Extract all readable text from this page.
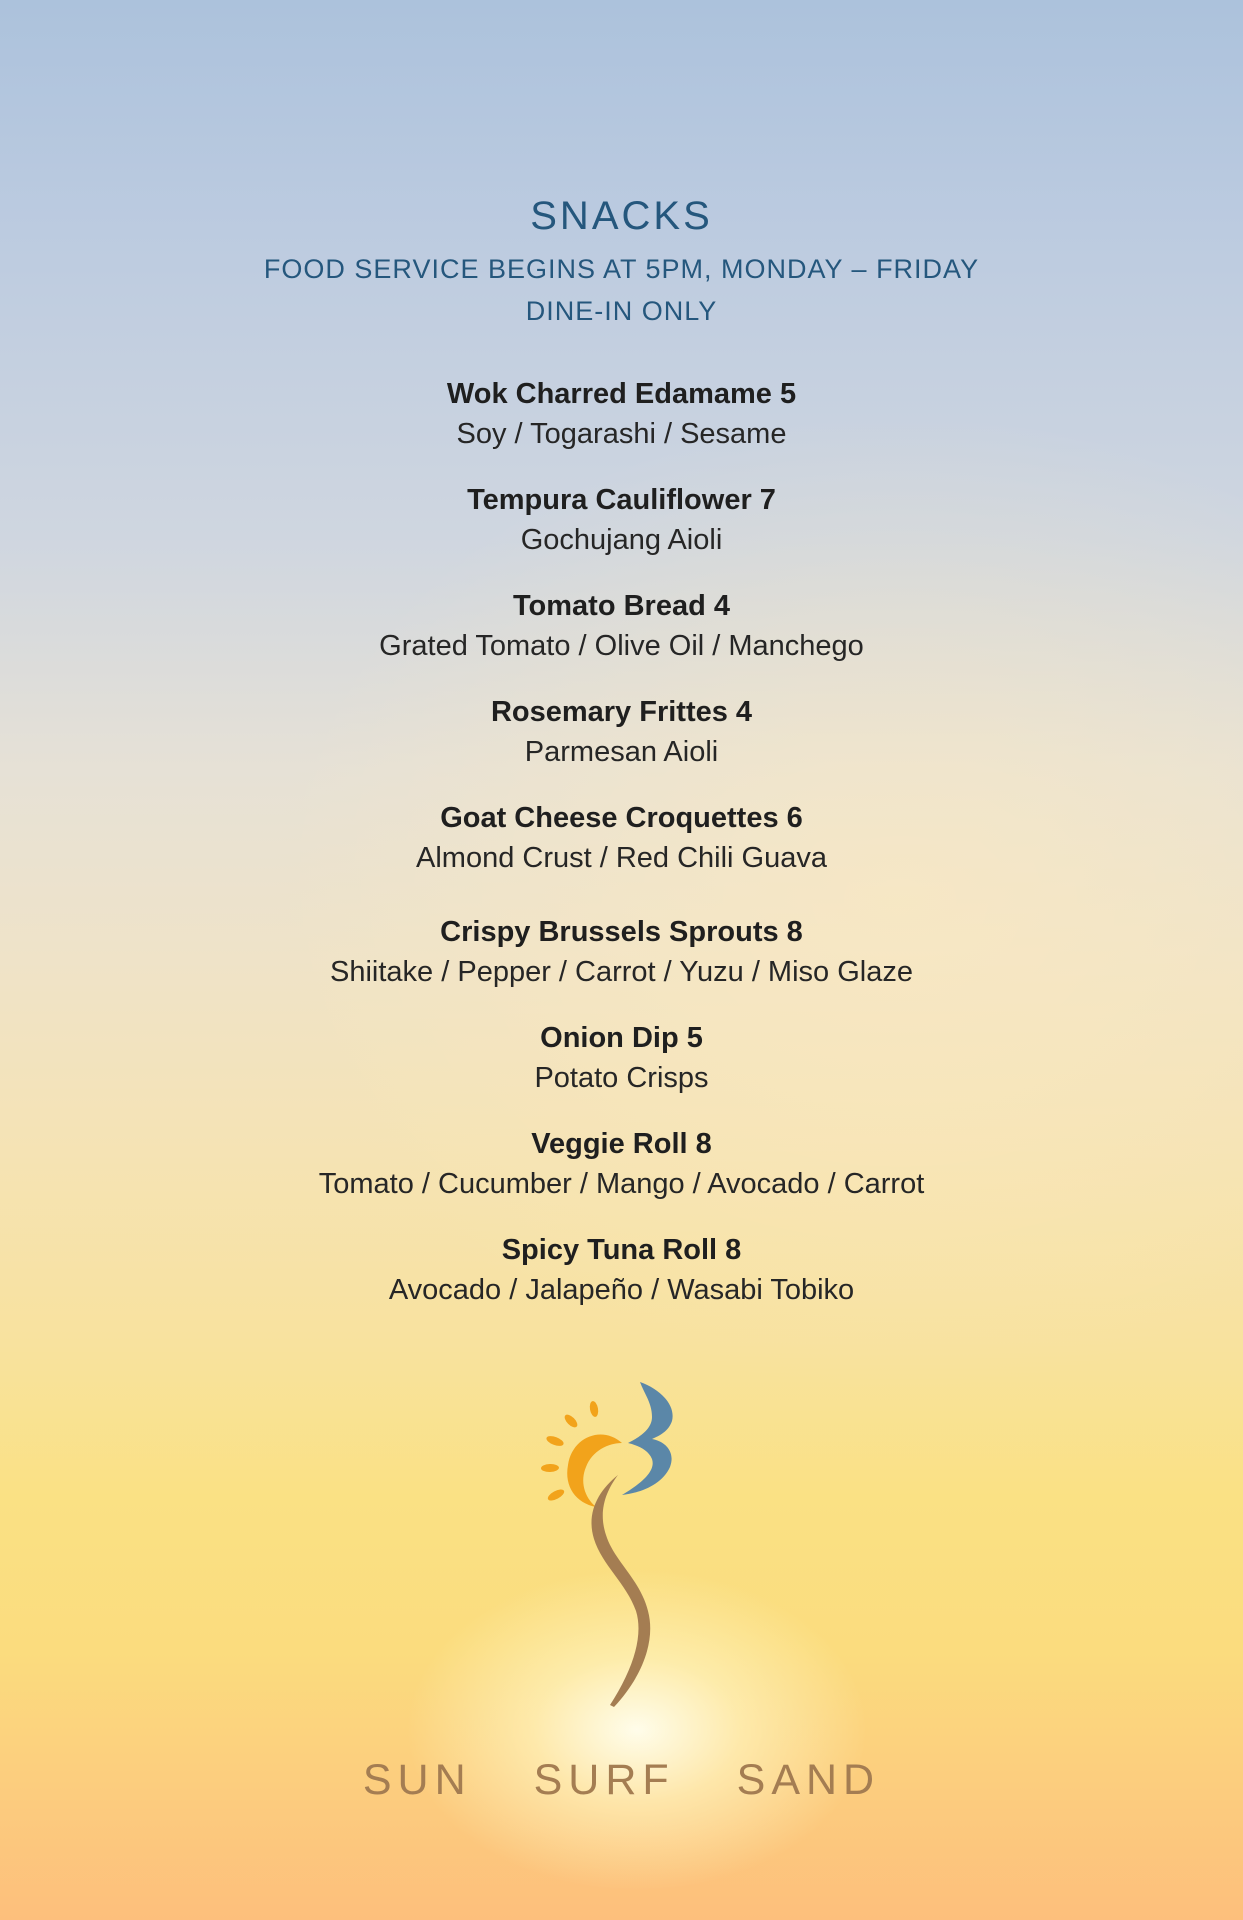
SNACKS
FOOD SERVICE BEGINS AT 5PM, MONDAY – FRIDAY
DINE-IN ONLY
Wok Charred Edamame 5
Soy / Togarashi / Sesame
Tempura Cauliflower 7
Gochujang Aioli
Tomato Bread 4
Grated Tomato / Olive Oil / Manchego
Rosemary Frittes 4
Parmesan Aioli
Goat Cheese Croquettes 6
Almond Crust / Red Chili Guava
Crispy Brussels Sprouts 8
Shiitake / Pepper / Carrot / Yuzu / Miso Glaze
Onion Dip 5
Potato Crisps
Veggie Roll 8
Tomato / Cucumber / Mango / Avocado / Carrot
Spicy Tuna Roll 8
Avocado / Jalapeño / Wasabi Tobiko
SUN SURF SAND
